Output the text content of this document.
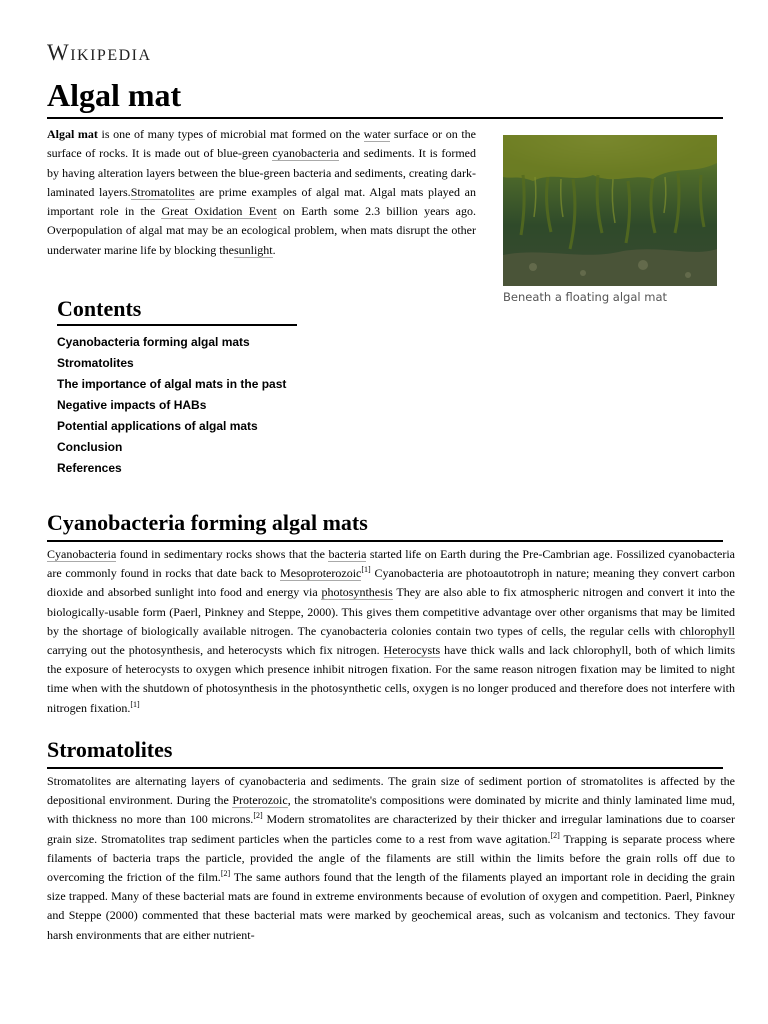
Wikipedia
Algal mat
Algal mat is one of many types of microbial mat formed on the water surface or on the surface of rocks. It is made out of blue-green cyanobacteria and sediments. It is formed by having alteration layers between the blue-green bacteria and sediments, creating dark-laminated layers.Stromatolites are prime examples of algal mat. Algal mats played an important role in the Great Oxidation Event on Earth some 2.3 billion years ago. Overpopulation of algal mat may be an ecological problem, when mats disrupt the other underwater marine life by blocking thesunlight.
Beneath a floating algal mat
Contents
Cyanobacteria forming algal mats
Stromatolites
The importance of algal mats in the past
Negative impacts of HABs
Potential applications of algal mats
Conclusion
References
Cyanobacteria forming algal mats
Cyanobacteria found in sedimentary rocks shows that the bacteria started life on Earth during the Pre-Cambrian age. Fossilized cyanobacteria are commonly found in rocks that date back to Mesoproterozoic[1] Cyanobacteria are photoautotroph in nature; meaning they convert carbon dioxide and absorbed sunlight into food and energy via photosynthesis They are also able to fix atmospheric nitrogen and convert it into the biologically-usable form (Paerl, Pinkney and Steppe, 2000). This gives them competitive advantage over other organisms that may be limited by the shortage of biologically available nitrogen. The cyanobacteria colonies contain two types of cells, the regular cells with chlorophyll carrying out the photosynthesis, and heterocysts which fix nitrogen. Heterocysts have thick walls and lack chlorophyll, both of which limits the exposure of heterocysts to oxygen which presence inhibit nitrogen fixation. For the same reason nitrogen fixation may be limited to night time when with the shutdown of photosynthesis in the photosynthetic cells, oxygen is no longer produced and therefore does not interfere with nitrogen fixation.[1]
Stromatolites
Stromatolites are alternating layers of cyanobacteria and sediments. The grain size of sediment portion of stromatolites is affected by the depositional environment. During the Proterozoic, the stromatolite's compositions were dominated by micrite and thinly laminated lime mud, with thickness no more than 100 microns.[2] Modern stromatolites are characterized by their thicker and irregular laminations due to coarser grain size. Stromatolites trap sediment particles when the particles come to a rest from wave agitation.[2] Trapping is separate process where filaments of bacteria traps the particle, provided the angle of the filaments are still within the limits before the grain rolls off due to overcoming the friction of the film.[2] The same authors found that the length of the filaments played an important role in deciding the grain size trapped. Many of these bacterial mats are found in extreme environments because of evolution of oxygen and competition. Paerl, Pinkney and Steppe (2000) commented that these bacterial mats were marked by geochemical areas, such as volcanism and tectonics. They favour harsh environments that are either nutrient-
